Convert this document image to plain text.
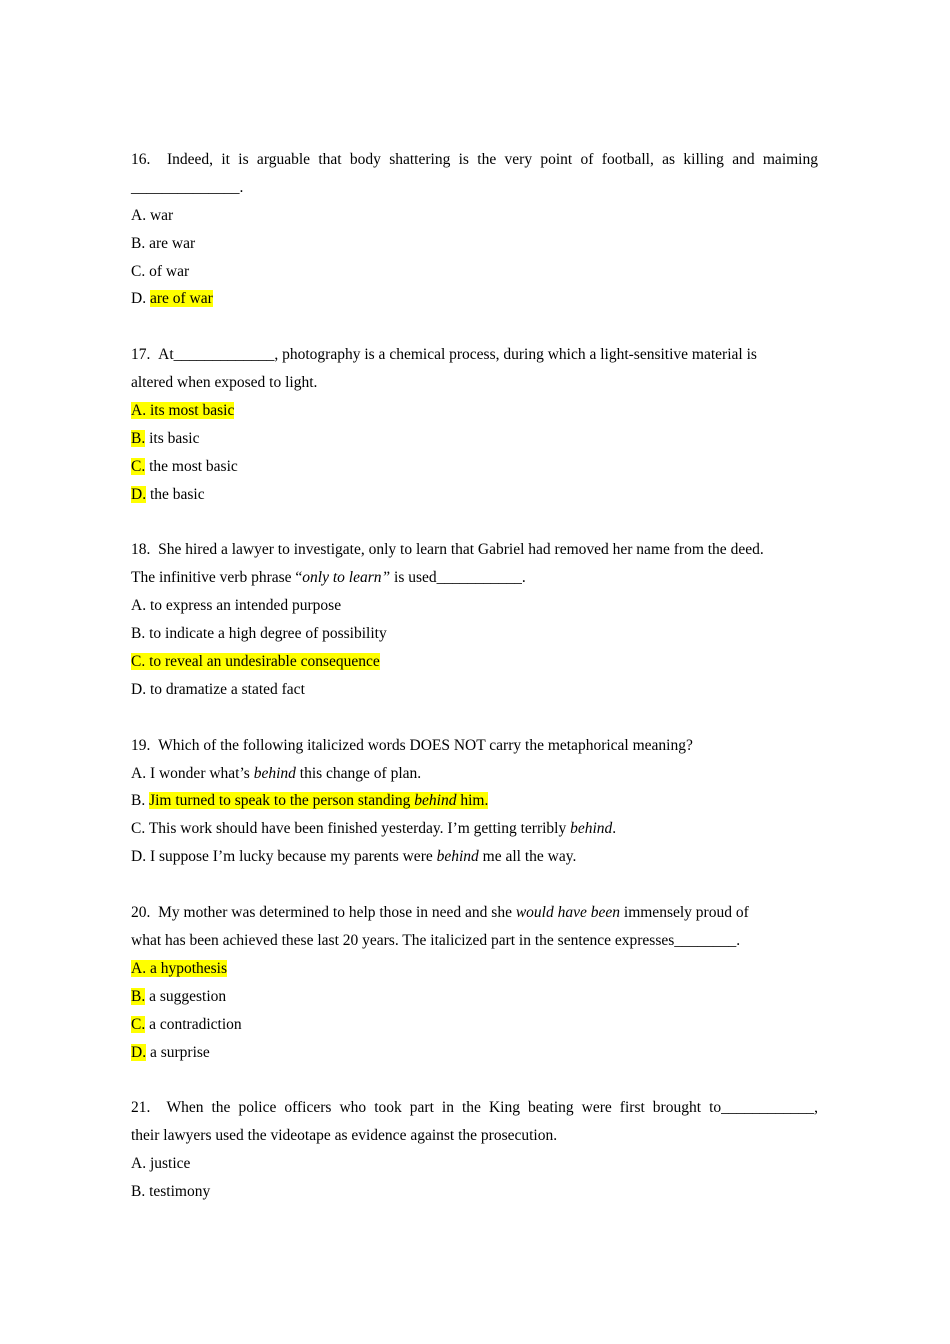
16. Indeed, it is arguable that body shattering is the very point of football, as killing and maiming
______________.
A. war
B. are war
C. of war
D. are of war
17. At_____________, photography is a chemical process, during which a light-sensitive material is
altered when exposed to light.
A. its most basic
B. its basic
C. the most basic
D. the basic
18. She hired a lawyer to investigate, only to learn that Gabriel had removed her name from the deed.
The infinitive verb phrase “only to learn” is used___________.
A. to express an intended purpose
B. to indicate a high degree of possibility
C. to reveal an undesirable consequence
D. to dramatize a stated fact
19. Which of the following italicized words DOES NOT carry the metaphorical meaning?
A. I wonder what’s behind this change of plan.
B. Jim turned to speak to the person standing behind him.
C. This work should have been finished yesterday. I’m getting terribly behind.
D. I suppose I’m lucky because my parents were behind me all the way.
20. My mother was determined to help those in need and she would have been immensely proud of
what has been achieved these last 20 years. The italicized part in the sentence expresses________.
A. a hypothesis
B. a suggestion
C. a contradiction
D. a surprise
21. When the police officers who took part in the King beating were first brought to____________,
their lawyers used the videotape as evidence against the prosecution.
A. justice
B. testimony
